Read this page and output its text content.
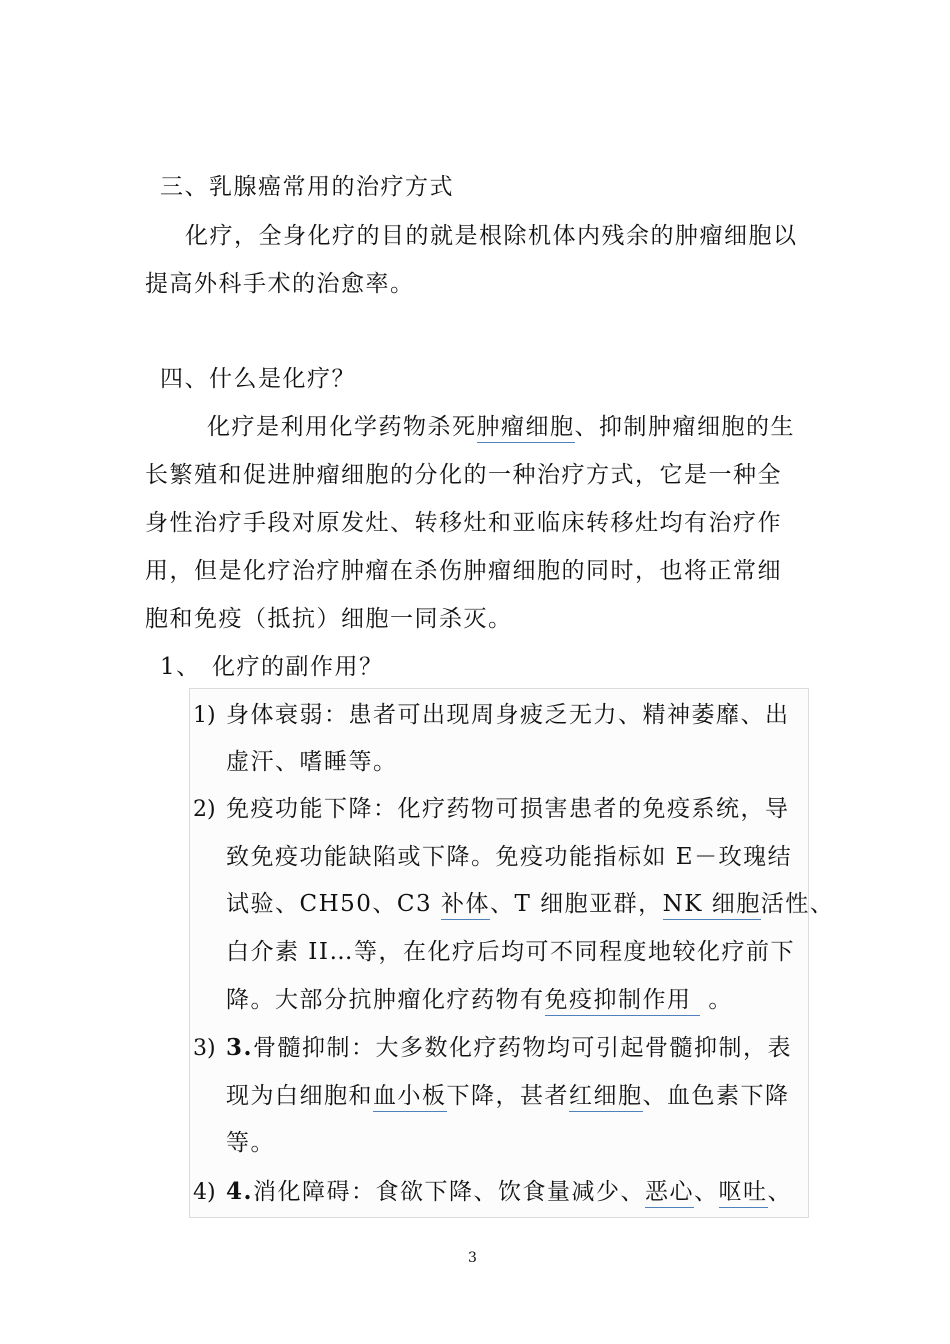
三、乳腺癌常用的治疗方式
化疗，全身化疗的目的就是根除机体内残余的肿瘤细胞以
提高外科手术的治愈率。
四、什么是化疗？
化疗是利用化学药物杀死肿瘤细胞、抑制肿瘤细胞的生
长繁殖和促进肿瘤细胞的分化的一种治疗方式，它是一种全
身性治疗手段对原发灶、转移灶和亚临床转移灶均有治疗作
用，但是化疗治疗肿瘤在杀伤肿瘤细胞的同时，也将正常细
胞和免疫（抵抗）细胞一同杀灭。
1、 化疗的副作用？
1) 身体衰弱：患者可出现周身疲乏无力、精神萎靡、出
虚汗、嗜睡等。
2) 免疫功能下降：化疗药物可损害患者的免疫系统，导
致免疫功能缺陷或下降。免疫功能指标如 E－玫瑰结
试验、CH50、C3 补体、T 细胞亚群，NK 细胞活性、
白介素 II…等，在化疗后均可不同程度地较化疗前下
降。大部分抗肿瘤化疗药物有免疫抑制作用 。
3) 3.骨髓抑制：大多数化疗药物均可引起骨髓抑制，表
现为白细胞和血小板下降，甚者红细胞、血色素下降
等。
4) 4.消化障碍：食欲下降、饮食量减少、恶心、呕吐、
3
